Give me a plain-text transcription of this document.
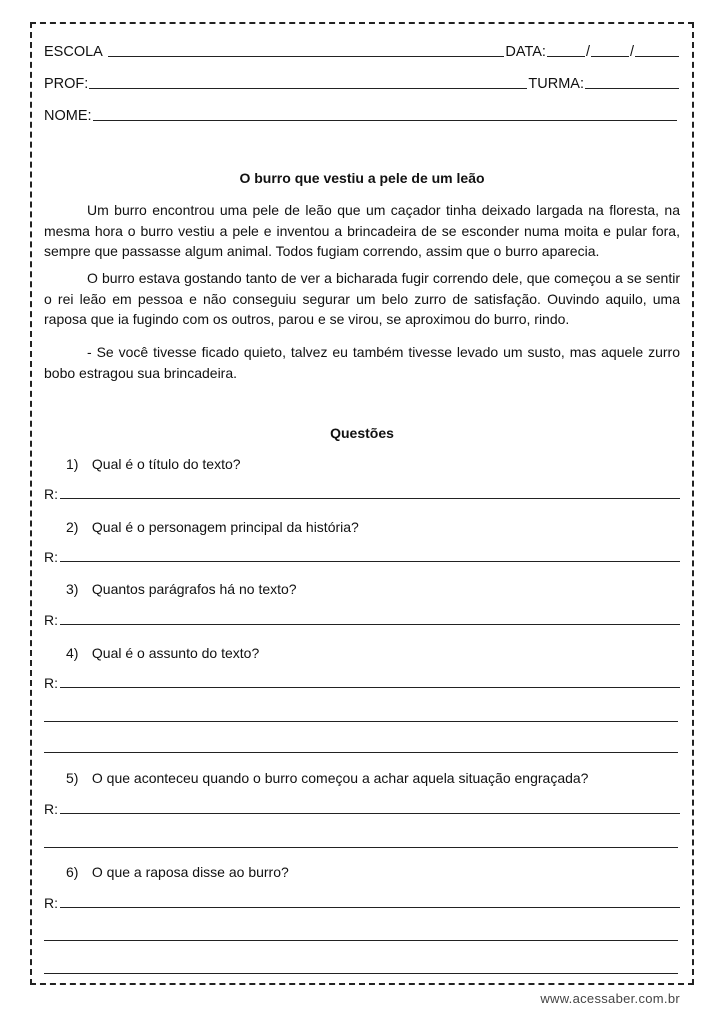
ESCOLA	DATA:	/	/
PROF:	TURMA:
NOME:
O burro que vestiu a pele de um leão

Um burro encontrou uma pele de leão que um caçador tinha deixado largada na floresta, na mesma hora o burro vestiu a pele e inventou a brincadeira de se esconder numa moita e pular fora, sempre que passasse algum animal. Todos fugiam correndo, assim que o burro aparecia.

O burro estava gostando tanto de ver a bicharada fugir correndo dele, que começou a se sentir o rei leão em pessoa e não conseguiu segurar um belo zurro de satisfação. Ouvindo aquilo, uma raposa que ia fugindo com os outros, parou e se virou, se aproximou do burro, rindo.

- Se você tivesse ficado quieto, talvez eu também tivesse levado um susto, mas aquele zurro bobo estragou sua brincadeira.

Questões
1) Qual é o título do texto?
R:
2) Qual é o personagem principal da história?
R:
3) Quantos parágrafos há no texto?
R:
4) Qual é o assunto do texto?
R:
5) O que aconteceu quando o burro começou a achar aquela situação engraçada?
R:
6) O que a raposa disse ao burro?
R:
www.acessaber.com.br
